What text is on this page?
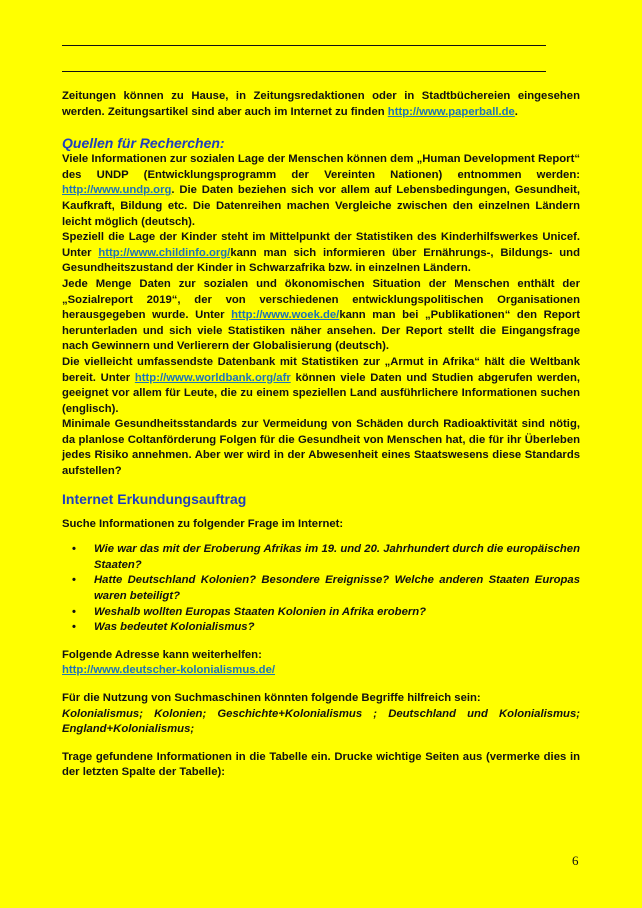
Zeitungen können zu Hause, in Zeitungsredaktionen oder in Stadtbüchereien eingesehen werden. Zeitungsartikel sind aber auch im Internet zu finden http://www.paperball.de.

Quellen für Recherchen:

Viele Informationen zur sozialen Lage der Menschen können dem „Human Development Report“ des UNDP (Entwicklungsprogramm der Vereinten Nationen) entnommen werden: http://www.undp.org. Die Daten beziehen sich vor allem auf Lebensbedingungen, Gesundheit, Kaufkraft, Bildung etc. Die Datenreihen machen Vergleiche zwischen den einzelnen Ländern leicht möglich (deutsch).

Speziell die Lage der Kinder steht im Mittelpunkt der Statistiken des Kinderhilfswerkes Unicef. Unter http://www.childinfo.org/kann man sich informieren über Ernährungs-, Bildungs- und Gesundheitszustand der Kinder in Schwarzafrika bzw. in einzelnen Ländern.

Jede Menge Daten zur sozialen und ökonomischen Situation der Menschen enthält der „Sozialreport 2019“, der von verschiedenen entwicklungspolitischen Organisationen herausgegeben wurde. Unter http://www.woek.de/kann man bei „Publikationen“ den Report herunterladen und sich viele Statistiken näher ansehen. Der Report stellt die Eingangsfrage nach Gewinnern und Verlierern der Globalisierung (deutsch).

Die vielleicht umfassendste Datenbank mit Statistiken zur „Armut in Afrika“ hält die Weltbank bereit. Unter http://www.worldbank.org/afr können viele Daten und Studien abgerufen werden, geeignet vor allem für Leute, die zu einem speziellen Land ausführlichere Informationen suchen (englisch).

Minimale Gesundheitsstandards zur Vermeidung von Schäden durch Radioaktivität sind nötig, da planlose Coltanförderung Folgen für die Gesundheit von Menschen hat, die für ihr Überleben jedes Risiko annehmen. Aber wer wird in der Abwesenheit eines Staatswesens diese Standards aufstellen?

Internet Erkundungsauftrag

Suche Informationen zu folgender Frage im Internet:

• Wie war das mit der Eroberung Afrikas im 19. und 20. Jahrhundert durch die europäischen Staaten?
• Hatte Deutschland Kolonien? Besondere Ereignisse? Welche anderen Staaten Europas waren beteiligt?
• Weshalb wollten Europas Staaten Kolonien in Afrika erobern?
• Was bedeutet Kolonialismus?

Folgende Adresse kann weiterhelfen:

http://www.deutscher-kolonialismus.de/

Für die Nutzung von Suchmaschinen könnten folgende Begriffe hilfreich sein:

Kolonialismus; Kolonien; Geschichte+Kolonialismus ; Deutschland und Kolonialismus; England+Kolonialismus;

Trage gefundene Informationen in die Tabelle ein. Drucke wichtige Seiten aus (vermerke dies in der letzten Spalte der Tabelle):

6
